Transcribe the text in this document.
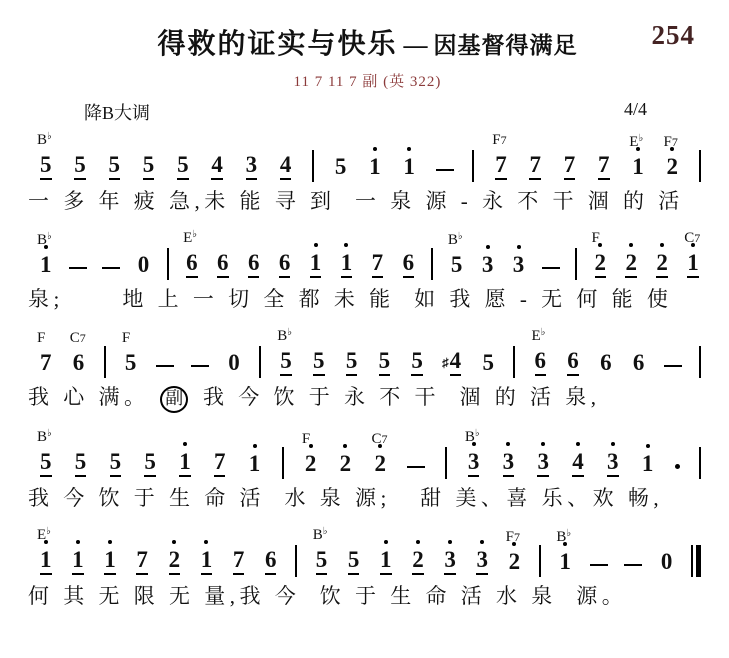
254
得救的证实与快乐 — 因基督得满足
11 7 11 7 副 (英 322)
降B大调	4/4
5
B♭
5 5 5 5 4 3 4 5 1 1	7
F7
7 7 7 1
E♭
2
F7
一 多 年 疲 急,未 能 寻 到  一 泉 源 - 永 不 干 涸 的 活
1
B♭
0 6
E♭
6 6 6 1 1 7 6 5
B♭
3 3	2
F
2 2 1
C7
泉;      地 上 一 切 全 都 未 能  如 我 愿 - 无 何 能 使
7
F
6
C7
5
F
0 5
B♭
5 5 5 5 ♯ 4 5 6
E♭
6 6 6
我 心 满。 副 我 今 饮 于 永 不 干  涸 的 活 泉,
5
B♭
5 5 5 1 7 1 2
F
2 2
C7
3
B♭
3 3 4 3 1
我 今 饮 于 生 命 活  水 泉 源;   甜 美、喜 乐、欢 畅,
1
E♭
1 1 7 2 1 7 6 5
B♭
5 1 2 3 3 2
F7
1
B♭
0
何 其 无 限 无 量,我 今  饮 于 生 命 活 水 泉  源。
